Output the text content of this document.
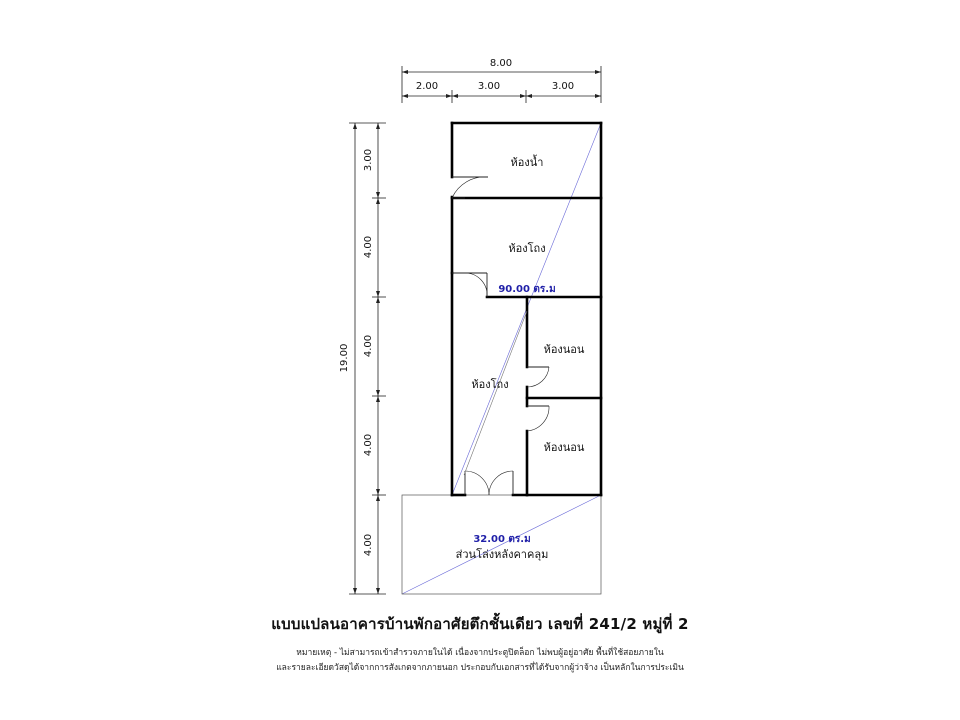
8.00
2.00	3.00	3.00
19.00
3.00
4.00
4.00
4.00
4.00
ห้องน้ำ
ห้องโถง
ห้องโถง
ห้องนอน
ห้องนอน
ส่วนโล่งหลังคาคลุม
90.00 ตร.ม
32.00 ตร.ม

แบบแปลนอาคารบ้านพักอาศัยตึกชั้นเดียว เลขที่ 241/2 หมู่ที่ 2

หมายเหตุ - ไม่สามารถเข้าสำรวจภายในได้ เนื่องจากประตูปิดล็อก ไม่พบผู้อยู่อาศัย พื้นที่ใช้สอยภายใน

และรายละเอียดวัสดุได้จากการสังเกตจากภายนอก ประกอบกับเอกสารที่ได้รับจากผู้ว่าจ้าง เป็นหลักในการประเมิน
